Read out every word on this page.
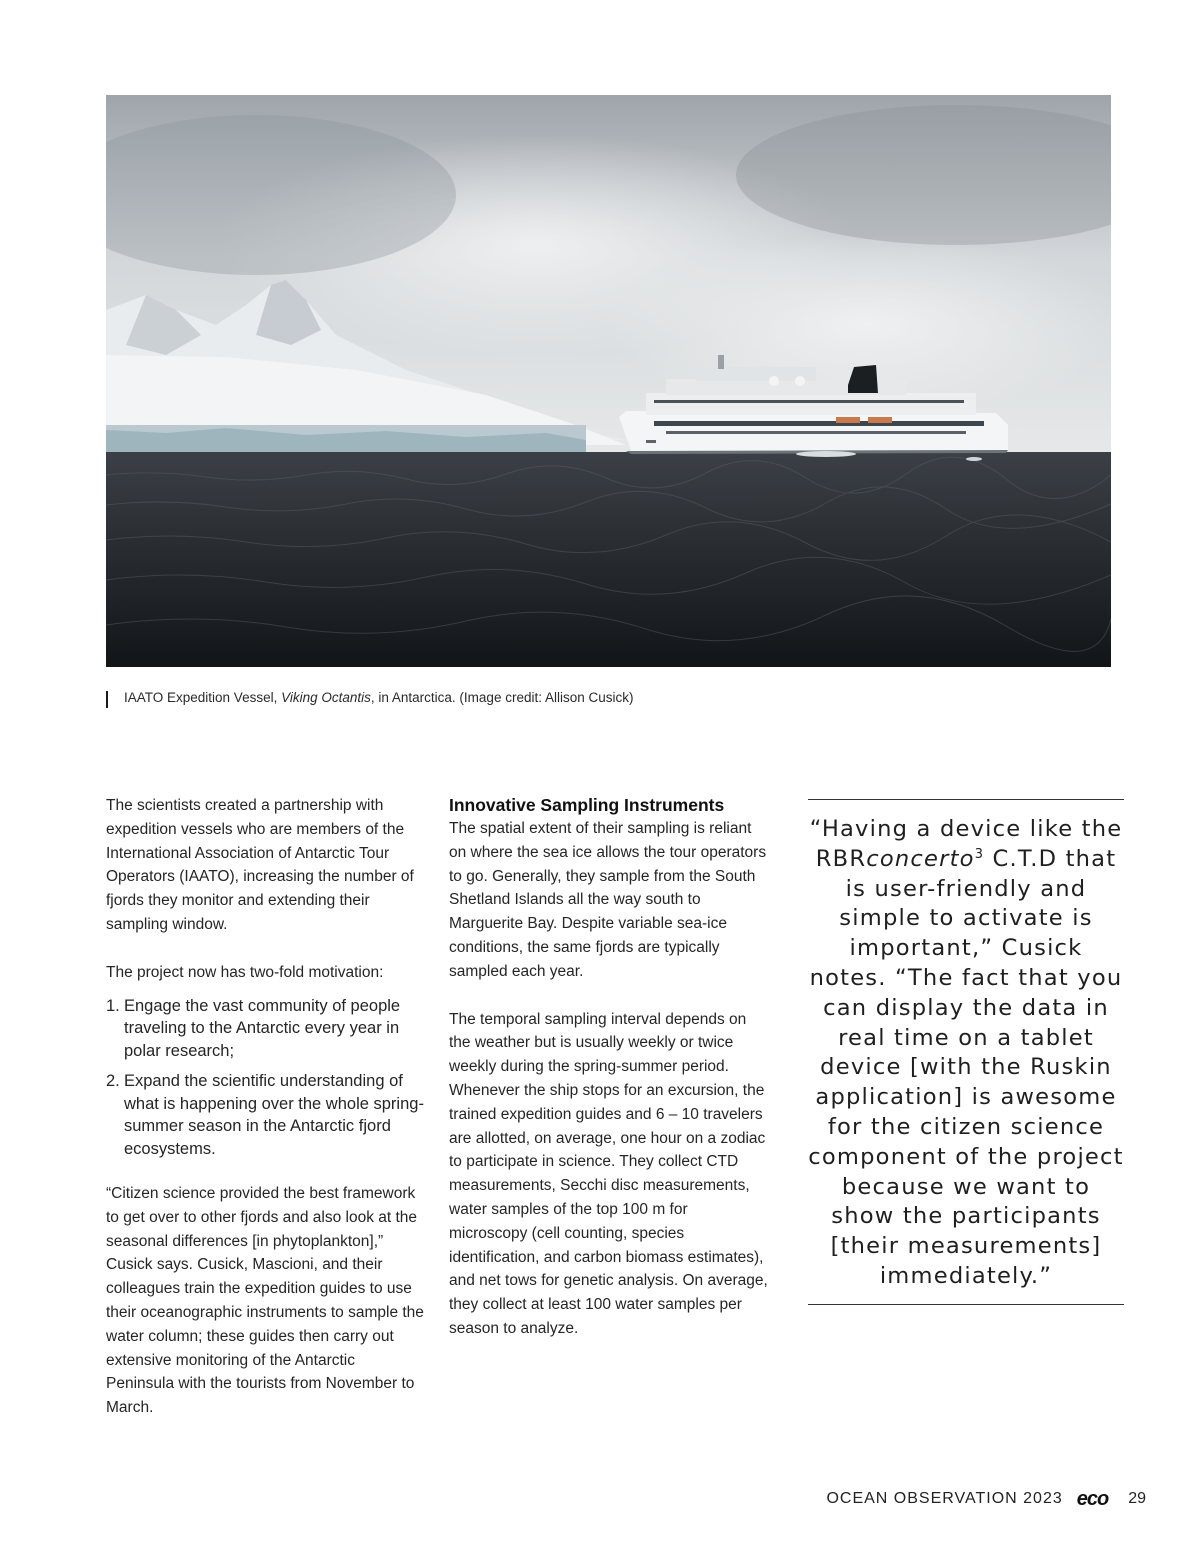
IAATO Expedition Vessel, Viking Octantis, in Antarctica. (Image credit: Allison Cusick)

The scientists created a partnership with expedition vessels who are members of the International Association of Antarctic Tour Operators (IAATO), increasing the number of fjords they monitor and extending their sampling window.

The project now has two-fold motivation:

1. Engage the vast community of people traveling to the Antarctic every year in polar research;
2. Expand the scientific understanding of what is happening over the whole spring-summer season in the Antarctic fjord ecosystems.

“Citizen science provided the best framework to get over to other fjords and also look at the seasonal differences [in phytoplankton],” Cusick says. Cusick, Mascioni, and their colleagues train the expedition guides to use their oceanographic instruments to sample the water column; these guides then carry out extensive monitoring of the Antarctic Peninsula with the tourists from November to March.

Innovative Sampling Instruments

The spatial extent of their sampling is reliant on where the sea ice allows the tour operators to go. Generally, they sample from the South Shetland Islands all the way south to Marguerite Bay. Despite variable sea-ice conditions, the same fjords are typically sampled each year.

The temporal sampling interval depends on the weather but is usually weekly or twice weekly during the spring-summer period. Whenever the ship stops for an excursion, the trained expedition guides and 6 – 10 travelers are allotted, on average, one hour on a zodiac to participate in science. They collect CTD measurements, Secchi disc measurements, water samples of the top 100 m for microscopy (cell counting, species identification, and carbon biomass estimates), and net tows for genetic analysis. On average, they collect at least 100 water samples per season to analyze.

“Having a device like the RBRconcerto$^3$ C.T.D that is user-friendly and simple to activate is important,” Cusick notes. “The fact that you can display the data in real time on a tablet device [with the Ruskin application] is awesome for the citizen science component of the project because we want to show the participants [their measurements] immediately.”
OCEAN OBSERVATION 2023 eco 29
